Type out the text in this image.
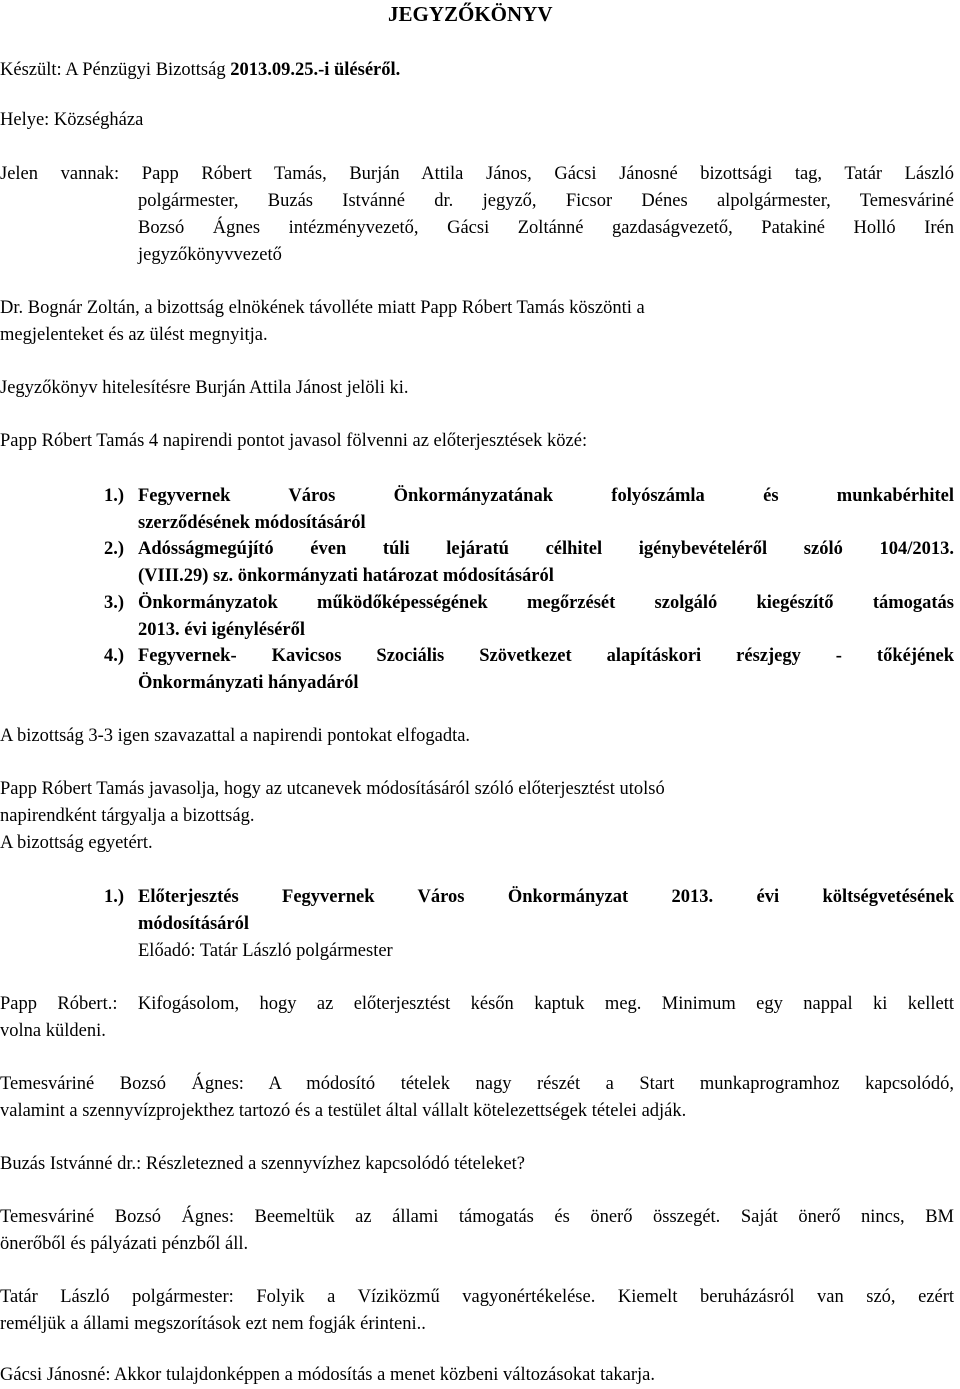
JEGYZŐKÖNYV
Készült: A Pénzügyi Bizottság 2013.09.25.-i üléséről.
Helye: Községháza
Jelen vannak: Papp Róbert Tamás, Burján Attila János, Gácsi Jánosné bizottsági tag, Tatár László
polgármester, Buzás Istvánné dr. jegyző, Ficsor Dénes alpolgármester, Temesváriné
Bozsó Ágnes intézményvezető, Gácsi Zoltánné gazdaságvezető, Patakiné Holló Irén
jegyzőkönyvvezető
Dr. Bognár Zoltán, a bizottság elnökének távolléte miatt Papp Róbert Tamás köszönti a
megjelenteket és az ülést megnyitja.
Jegyzőkönyv hitelesítésre Burján Attila Jánost jelöli ki.
Papp Róbert Tamás 4 napirendi pontot javasol fölvenni az előterjesztések közé:
1.) Fegyvernek Város Önkormányzatának folyószámla és munkabérhitel
szerződésének módosításáról
2.) Adósságmegújító éven túli lejáratú célhitel igénybevételéről szóló 104/2013.
(VIII.29) sz. önkormányzati határozat módosításáról
3.) Önkormányzatok működőképességének megőrzését szolgáló kiegészítő támogatás
2013. évi igényléséről
4.) Fegyvernek- Kavicsos Szociális Szövetkezet alapításkori részjegy - tőkéjének
Önkormányzati hányadáról
A bizottság 3-3 igen szavazattal a napirendi pontokat elfogadta.
Papp Róbert Tamás javasolja, hogy az utcanevek módosításáról szóló előterjesztést utolsó
napirendként tárgyalja a bizottság.
A bizottság egyetért.
1.) Előterjesztés Fegyvernek Város Önkormányzat 2013. évi költségvetésének
módosításáról
Előadó: Tatár László polgármester
Papp Róbert.: Kifogásolom, hogy az előterjesztést későn kaptuk meg. Minimum egy nappal ki kellett
volna küldeni.
Temesváriné Bozsó Ágnes: A módosító tételek nagy részét a Start munkaprogramhoz kapcsolódó,
valamint a szennyvízprojekthez tartozó és a testület által vállalt kötelezettségek tételei adják.
Buzás Istvánné dr.: Részletezned a szennyvízhez kapcsolódó tételeket?
Temesváriné Bozsó Ágnes: Beemeltük az állami támogatás és önerő összegét. Saját önerő nincs, BM
önerőből és pályázati pénzből áll.
Tatár László polgármester: Folyik a Víziközmű vagyonértékelése. Kiemelt beruházásról van szó, ezért
reméljük a állami megszorítások ezt nem fogják érinteni..
Gácsi Jánosné: Akkor tulajdonképpen a módosítás a menet közbeni változásokat takarja.
